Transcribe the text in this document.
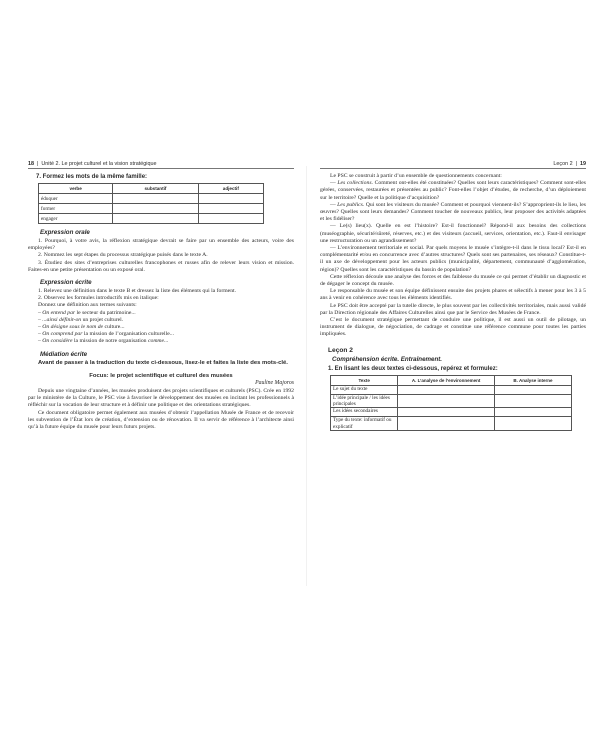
18 | Unité 2. Le projet culturel et la vision stratégique
7. Formez les mots de la même famille:
verbe	substantif	adjectif
éduquer		
former		
engager		
Expression orale

1. Pourquoi, à votre avis, la réflexion stratégique devrait se faire par un ensemble des acteurs, voire des employées?

2. Nommez les sept étapes du processus stratégique puisés dans le texte A.

3. Étudiez des sites d’entreprises culturelles francophones et russes afin de relever leurs vision et mission. Faites-en une petite présentation ou un exposé oral.

Expression écrite

1. Relevez une définition dans le texte B et dressez la liste des éléments qui la forment.

2. Observez les formules introductifs mis en italique:

Donnez une définition aux termes suivants:

– On entend par le secteur du patrimoine...
– ...ainsi définit-on un projet culturel.
– On désigne sous le nom de culture...
– On comprend par la mission de l’organisation culturelle...
– On considère la mission de notre organisation comme...
Médiation écrite

Avant de passer à la traduction du texte ci-dessous, lisez-le et faites la liste des mots-clé.

Focus: le projet scientifique et culturel des musées
Pauline Majoros

Depuis une vingtaine d’années, les musées produisent des projets scientifiques et culturels (PSC). Crée en 1992 par le ministère de la Culture, le PSC vise à favoriser le développement des musées en incitant les professionnels à réfléchir sur la vocation de leur structure et à définir une politique et des orientations stratégiques.

Ce document obligatoire permet également aux musées d’obtenir l’appellation Musée de France et de recevoir les subvention de l’État lors de création, d’extension ou de rénovation. Il va servir de référence à l’architecte ainsi qu’à la future équipe du musée pour leurs futurs projets.

Leçon 2 | 19

Le PSC se construit à partir d’un ensemble de questionnements concernant:

— Les collections. Comment ont-elles été constituées? Quelles sont leurs caractéristiques? Comment sont-elles gérées, conservées, restaurées et présentées au public? Font-elles l’objet d’études, de recherche, d’un déploiement sur le territoire? Quelle et la politique d’acquisition?

— Les publics. Qui sont les visiteurs du musée? Comment et pourquoi viennent-ils? S’approprient-ils le lieu, les œuvres? Quelles sont leurs demandes? Comment toucher de nouveaux publics, leur proposer des activités adaptées et les fidéliser?

— Le(s) lieu(x). Quelle en est l’histoire? Est-il fonctionnel? Répond-il aux besoins des collections (muséographie, sécurité/sûreté, réserves, etc.) et des visiteurs (accueil, services, orientation, etc.). Faut-il envisager une restructuration ou un agrandissement?

— L’environnement territoriale et social. Par quels moyens le musée s’intègre-t-il dans le tissu local? Est-il en complémentarité et/ou en concurrence avec d’autres structures? Quels sont ses partenaires, ses réseaux? Constitue-t-il un axe de développement pour les acteurs publics (municipalité, département, communauté d’agglomération, région)? Quelles sont les caractéristiques du bassin de population?

Cette réflexion découle une analyse des forces et des faiblesse du musée ce qui permet d’établir un diagnostic et de dégager le concept du musée.

Le responsable du musée et son équipe définissent ensuite des projets phares et sélectifs à mener pour les 3 à 5 ans à venir en cohérence avec tous les éléments identifiés.

Le PSC doit être accepté par la tutelle directe, le plus souvent par les collectivités territoriales, mais aussi validé par la Direction régionale des Affaires Culturelles ainsi que par le Service des Musées de France.

C’est le document stratégique permettant de conduire une politique, il est aussi un outil de pilotage, un instrument de dialogue, de négociation, de cadrage et constitue une référence commune pour toutes les parties impliquées.

Leçon 2
Compréhension écrite. Entraînement.
1. En lisant les deux textes ci-dessous, repérez et formulez:
Texte	A. L’analyse de l’environnement	B. Analyse interne
Le sujet du texte		
L’idée principale / les idées principales		
Les idées secondaires		
Type du texte: informatif ou explicatif		
